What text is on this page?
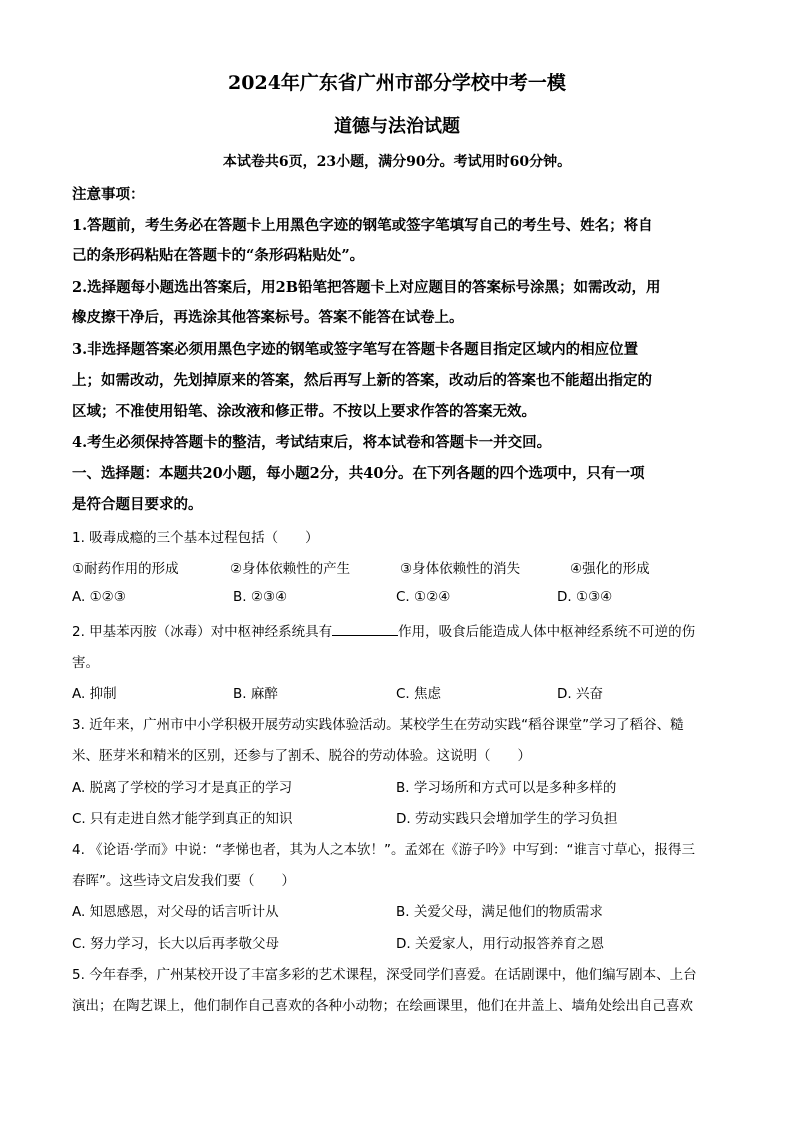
2024年广东省广州市部分学校中考一模
道德与法治试题
本试卷共6页，23小题，满分90分。考试用时60分钟。
注意事项：
1.答题前，考生务必在答题卡上用黑色字迹的钢笔或签字笔填写自己的考生号、姓名；将自
己的条形码粘贴在答题卡的“条形码粘贴处”。
2.选择题每小题选出答案后，用2B铅笔把答题卡上对应题目的答案标号涂黑；如需改动，用
橡皮擦干净后，再选涂其他答案标号。答案不能答在试卷上。
3.非选择题答案必须用黑色字迹的钢笔或签字笔写在答题卡各题目指定区域内的相应位置
上；如需改动，先划掉原来的答案，然后再写上新的答案，改动后的答案也不能超出指定的
区域；不准使用铅笔、涂改液和修正带。不按以上要求作答的答案无效。
4.考生必须保持答题卡的整洁，考试结束后，将本试卷和答题卡一并交回。
一、选择题：本题共20小题，每小题2分，共40分。在下列各题的四个选项中，只有一项
是符合题目要求的。
1. 吸毒成瘾的三个基本过程包括（　　）
①耐药作用的形成	②身体依赖性的产生	③身体依赖性的消失	④强化的形成
A. ①②③	B. ②③④	C. ①②④	D. ①③④
2. 甲基苯丙胺（冰毒）对中枢神经系统具有	作用，吸食后能造成人体中枢神经系统不可逆的伤
害。
A. 抑制	B. 麻醉	C. 焦虑	D. 兴奋
3. 近年来，广州市中小学积极开展劳动实践体验活动。某校学生在劳动实践“稻谷课堂”学习了稻谷、糙
米、胚芽米和精米的区别，还参与了割禾、脱谷的劳动体验。这说明（　　）
A. 脱离了学校的学习才是真正的学习	B. 学习场所和方式可以是多种多样的
C. 只有走进自然才能学到真正的知识	D. 劳动实践只会增加学生的学习负担
4. 《论语·学而》中说：“孝悌也者，其为人之本欤！”。孟郊在《游子吟》中写到：“谁言寸草心，报得三
春晖”。这些诗文启发我们要（　　）
A. 知恩感恩，对父母的话言听计从	B. 关爱父母，满足他们的物质需求
C. 努力学习，长大以后再孝敬父母	D. 关爱家人，用行动报答养育之恩
5. 今年春季，广州某校开设了丰富多彩的艺术课程，深受同学们喜爱。在话剧课中，他们编写剧本、上台
演出；在陶艺课上，他们制作自己喜欢的各种小动物；在绘画课里，他们在井盖上、墙角处绘出自己喜欢
